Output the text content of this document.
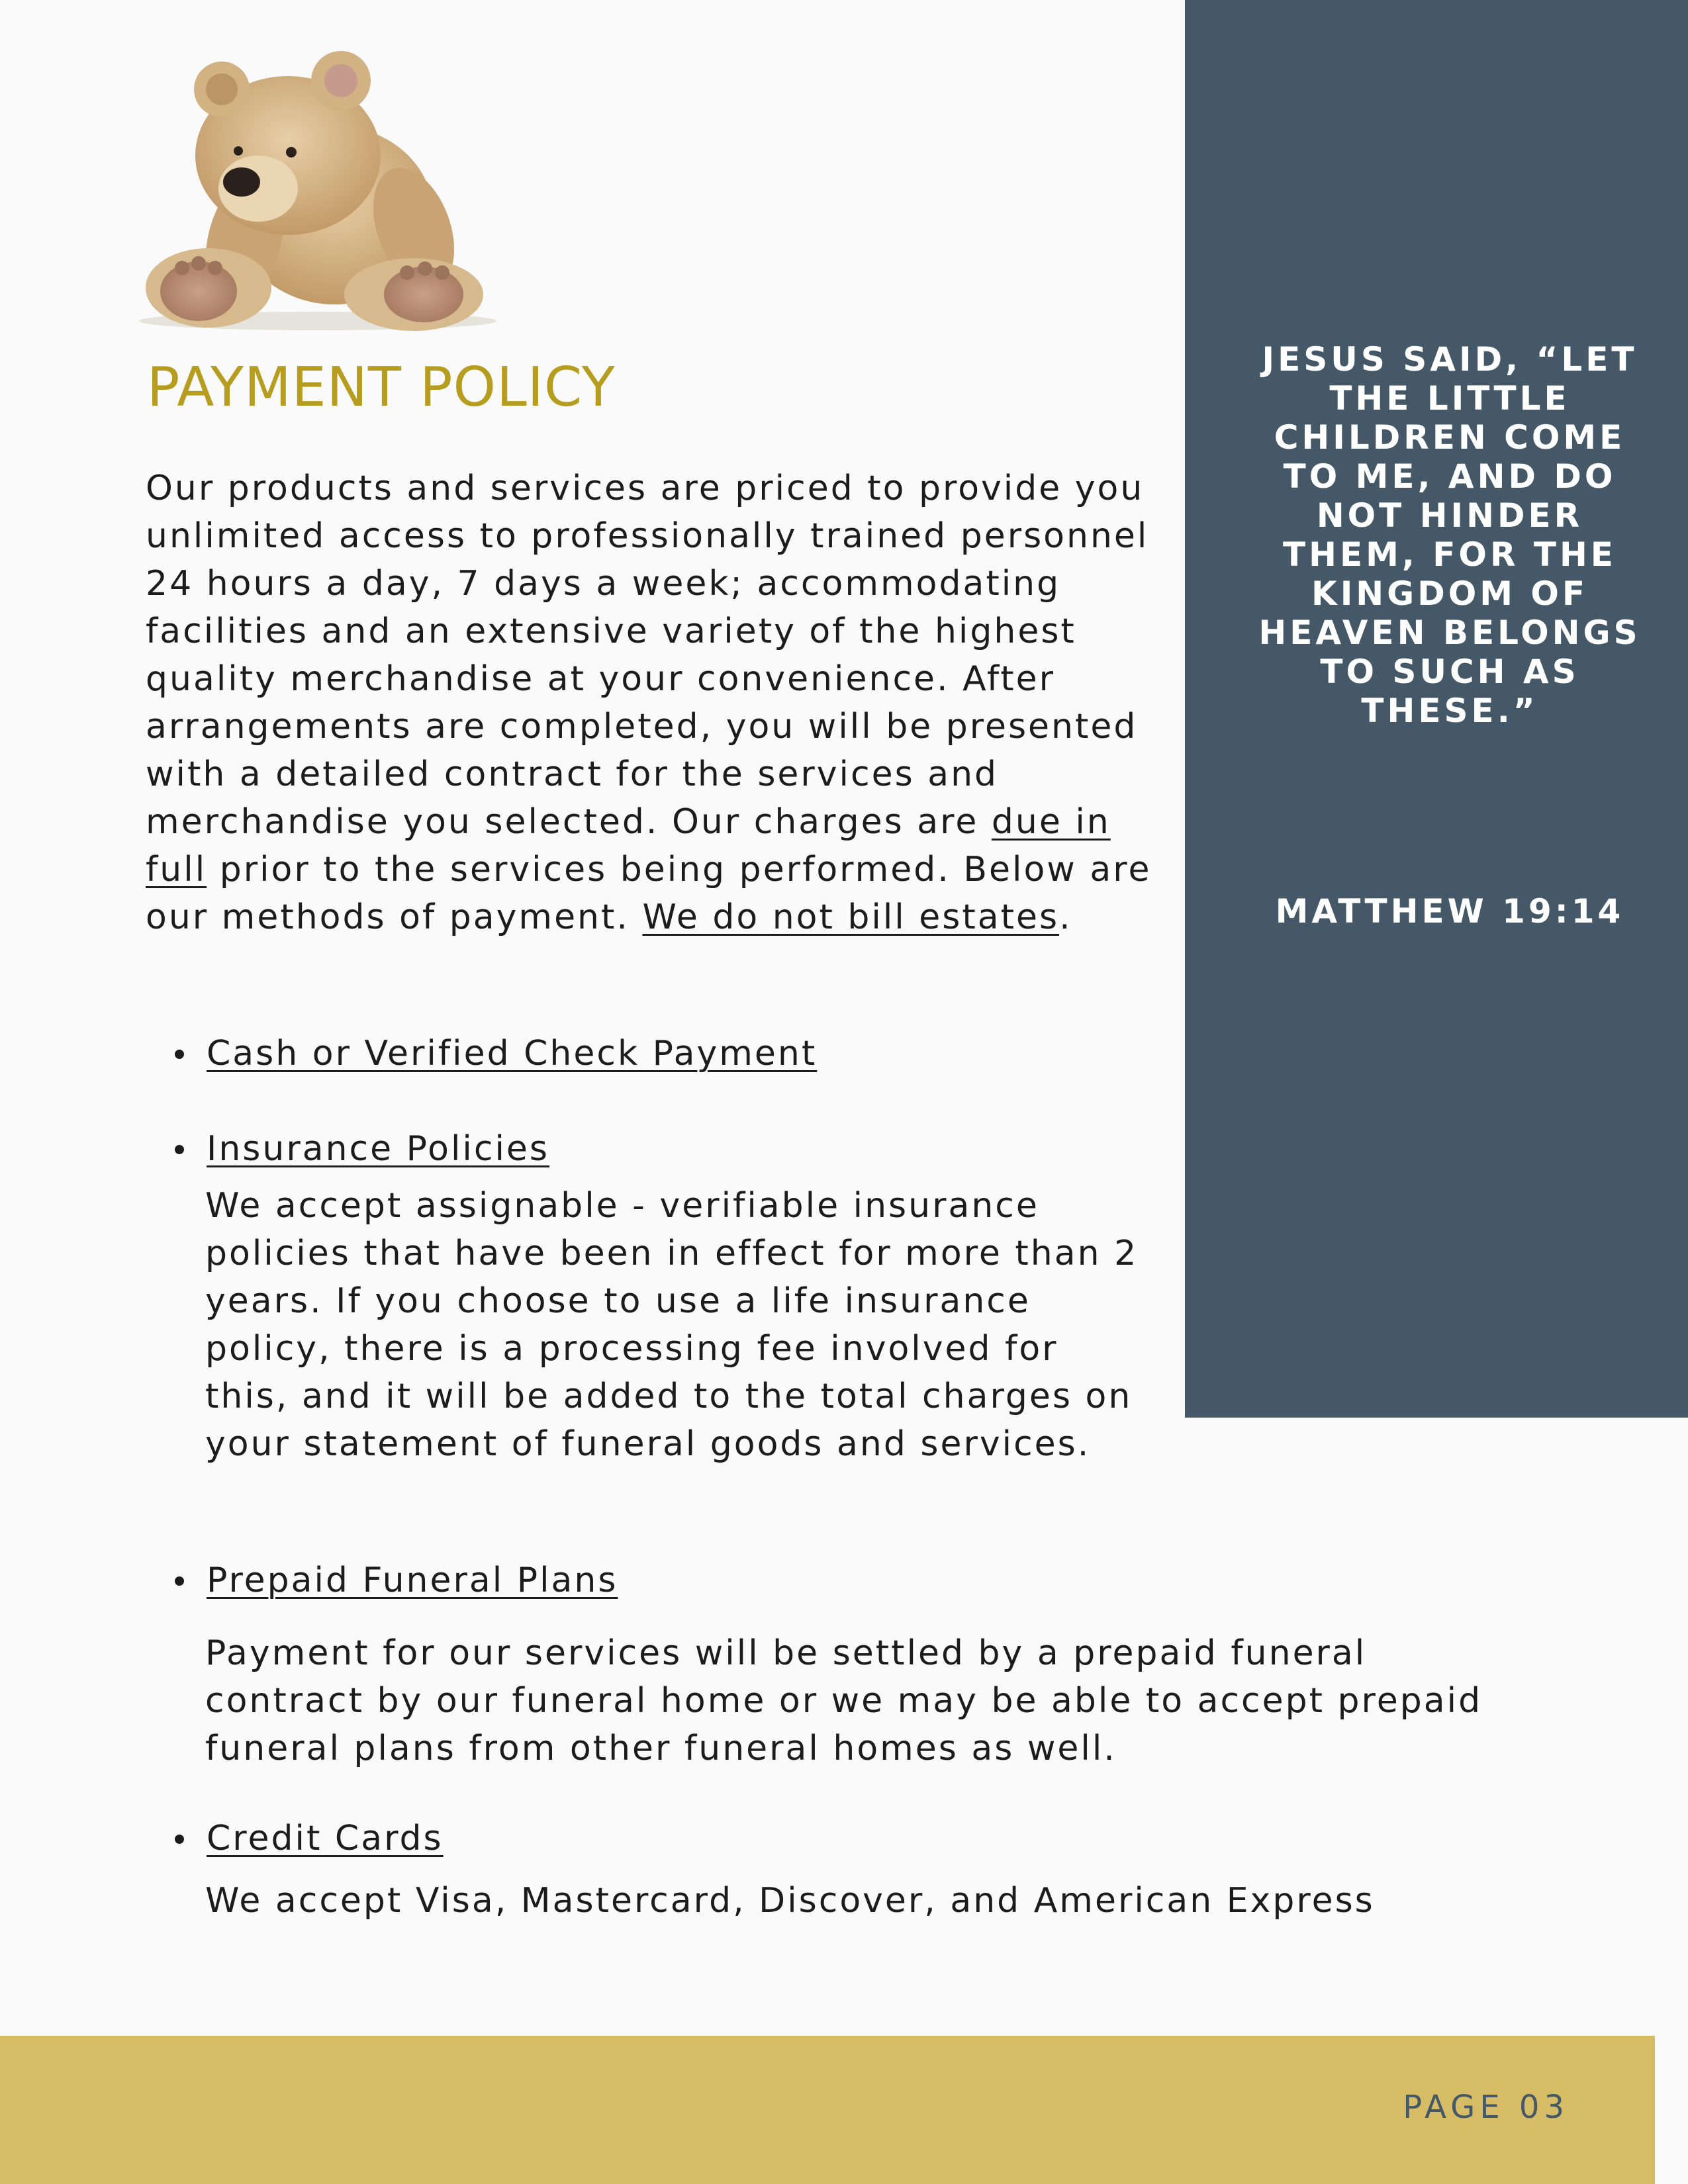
PAYMENT POLICY

Our products and services are priced to provide you unlimited access to professionally trained personnel 24 hours a day, 7 days a week; accommodating facilities and an extensive variety of the highest quality merchandise at your convenience. After arrangements are completed, you will be presented with a detailed contract for the services and merchandise you selected. Our charges are due in full prior to the services being performed. Below are our methods of payment. We do not bill estates.

Cash or Verified Check Payment
Insurance Policies

We accept assignable - verifiable insurance policies that have been in effect for more than 2 years. If you choose to use a life insurance policy, there is a processing fee involved for this, and it will be added to the total charges on your statement of funeral goods and services.

Prepaid Funeral Plans

Payment for our services will be settled by a prepaid funeral contract by our funeral home or we may be able to accept prepaid funeral plans from other funeral homes as well.

Credit Cards

We accept Visa, Mastercard, Discover, and American Express

JESUS SAID, “LET THE LITTLE CHILDREN COME TO ME, AND DO NOT HINDER THEM, FOR THE KINGDOM OF HEAVEN BELONGS TO SUCH AS THESE.”

MATTHEW 19:14

PAGE 03
